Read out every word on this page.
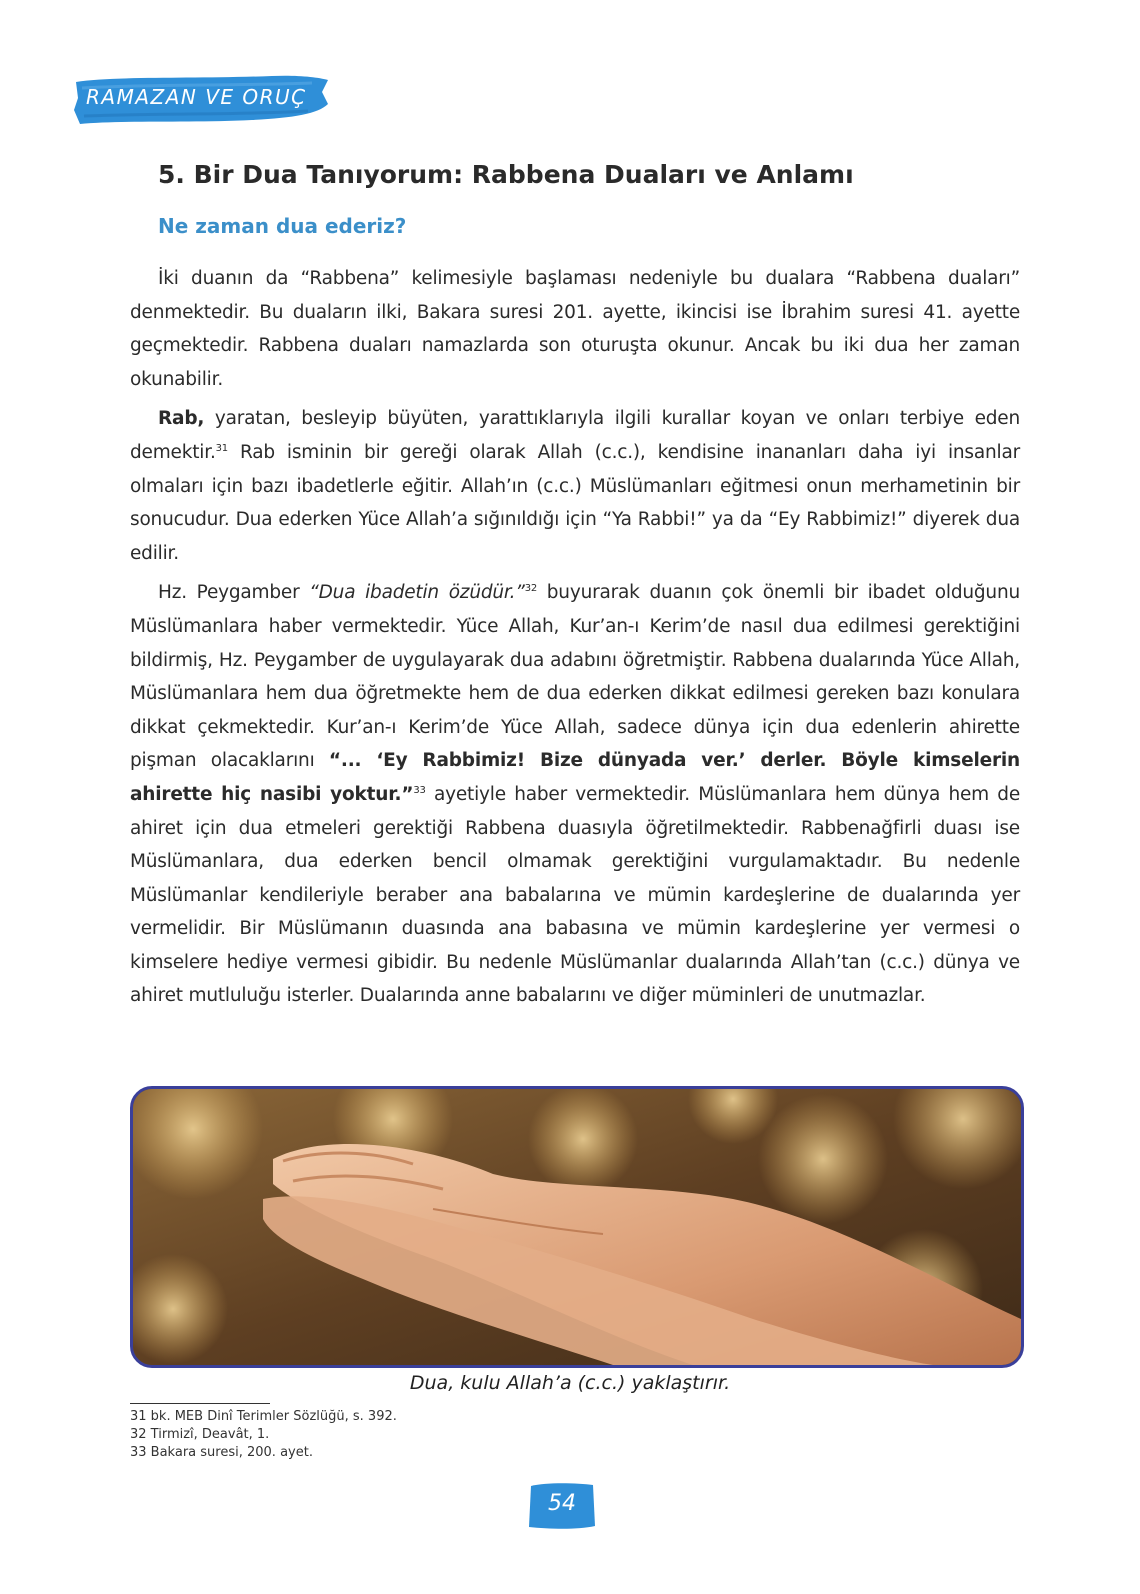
RAMAZAN VE ORUÇ
5. Bir Dua Tanıyorum: Rabbena Duaları ve Anlamı
Ne zaman dua ederiz?

İki duanın da “Rabbena” kelimesiyle başlaması nedeniyle bu dualara “Rabbena duaları” denmektedir. Bu duaların ilki, Bakara suresi 201. ayette, ikincisi ise İbrahim suresi 41. ayette geçmektedir. Rabbena duaları namazlarda son oturuşta okunur. Ancak bu iki dua her zaman okunabilir.

Rab, yaratan, besleyip büyüten, yarattıklarıyla ilgili kurallar koyan ve onları terbiye eden demektir.$^{31}$ Rab isminin bir gereği olarak Allah (c.c.), kendisine inananları daha iyi insanlar olmaları için bazı ibadetlerle eğitir. Allah’ın (c.c.) Müslümanları eğitmesi onun merhametinin bir sonucudur. Dua ederken Yüce Allah’a sığınıldığı için “Ya Rabbi!” ya da “Ey Rabbimiz!” diyerek dua edilir.

Hz. Peygamber “Dua ibadetin özüdür.”$^{32}$ buyurarak duanın çok önemli bir ibadet olduğunu Müslümanlara haber vermektedir. Yüce Allah, Kur’an-ı Kerim’de nasıl dua edilmesi gerektiğini bildirmiş, Hz. Peygamber de uygulayarak dua adabını öğretmiştir. Rabbena dualarında Yüce Allah, Müslümanlara hem dua öğretmekte hem de dua ederken dikkat edilmesi gereken bazı konulara dikkat çekmektedir. Kur’an-ı Kerim’de Yüce Allah, sadece dünya için dua edenlerin ahirette pişman olacaklarını “... ‘Ey Rabbimiz! Bize dünyada ver.’ derler. Böyle kimselerin ahirette hiç nasibi yoktur.”$^{33}$ ayetiyle haber vermektedir. Müslümanlara hem dünya hem de ahiret için dua etmeleri gerektiği Rabbena duasıyla öğretilmektedir. Rabbenağfirli duası ise Müslümanlara, dua ederken bencil olmamak gerektiğini vurgulamaktadır. Bu nedenle Müslümanlar kendileriyle beraber ana babalarına ve mümin kardeşlerine de dualarında yer vermelidir. Bir Müslümanın duasında ana babasına ve mümin kardeşlerine yer vermesi o kimselere hediye vermesi gibidir. Bu nedenle Müslümanlar dualarında Allah’tan (c.c.) dünya ve ahiret mutluluğu isterler. Dualarında anne babalarını ve diğer müminleri de unutmazlar.

Dua, kulu Allah’a (c.c.) yaklaştırır.
31 bk. MEB Dinî Terimler Sözlüğü, s. 392.
32 Tirmizî, Deavât, 1.
33 Bakara suresi, 200. ayet.
54
